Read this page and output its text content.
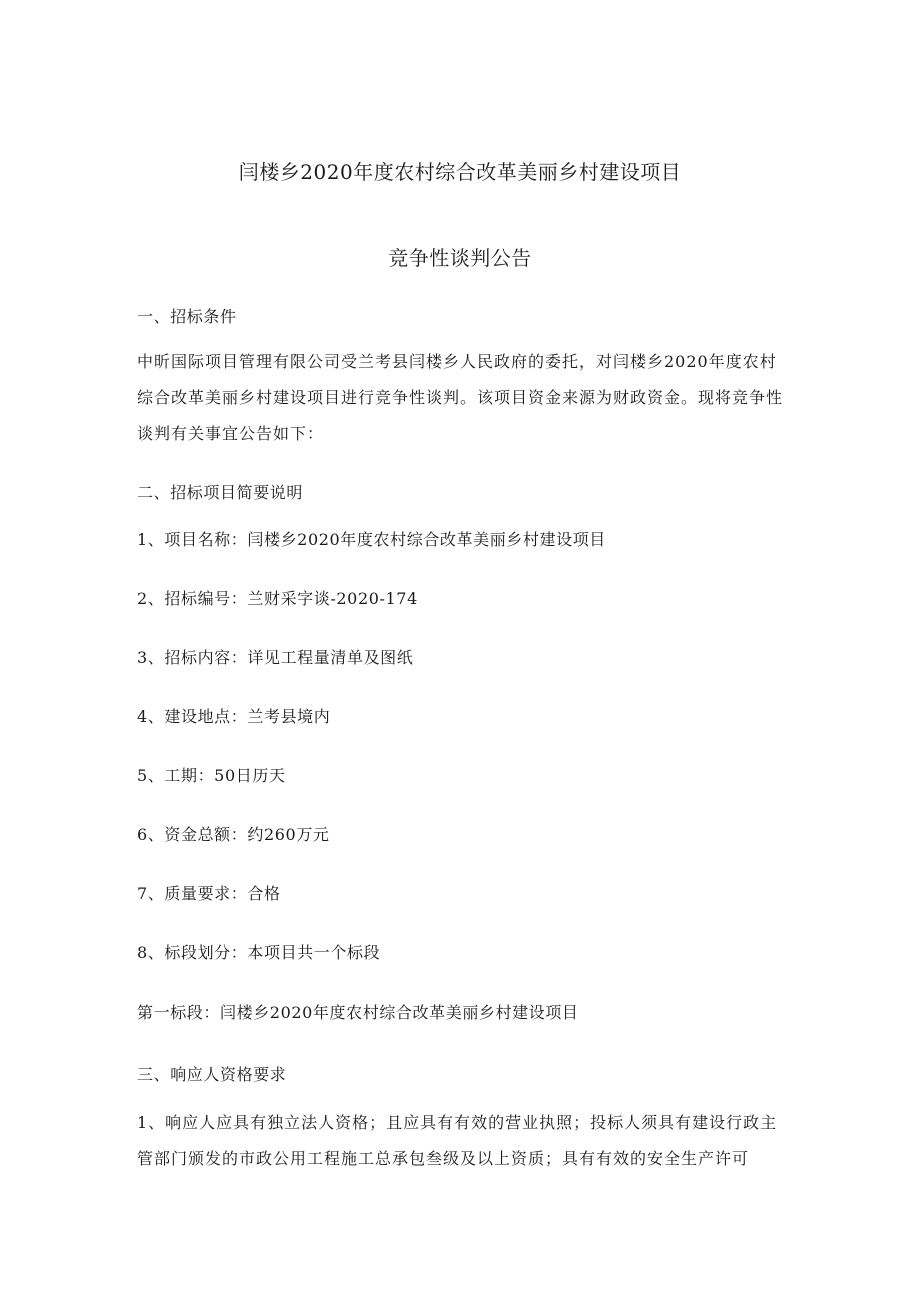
闫楼乡2020年度农村综合改革美丽乡村建设项目
竞争性谈判公告
一、招标条件
中昕国际项目管理有限公司受兰考县闫楼乡人民政府的委托，对闫楼乡2020年度农村综合改革美丽乡村建设项目进行竞争性谈判。该项目资金来源为财政资金。现将竞争性谈判有关事宜公告如下：
二、招标项目简要说明
1、项目名称：闫楼乡2020年度农村综合改革美丽乡村建设项目
2、招标编号：兰财采字谈-2020-174
3、招标内容：详见工程量清单及图纸
4、建设地点：兰考县境内
5、工期：50日历天
6、资金总额：约260万元
7、质量要求：合格
8、标段划分：本项目共一个标段
第一标段：闫楼乡2020年度农村综合改革美丽乡村建设项目
三、响应人资格要求
1、响应人应具有独立法人资格；且应具有有效的营业执照；投标人须具有建设行政主管部门颁发的市政公用工程施工总承包叁级及以上资质；具有有效的安全生产许可
